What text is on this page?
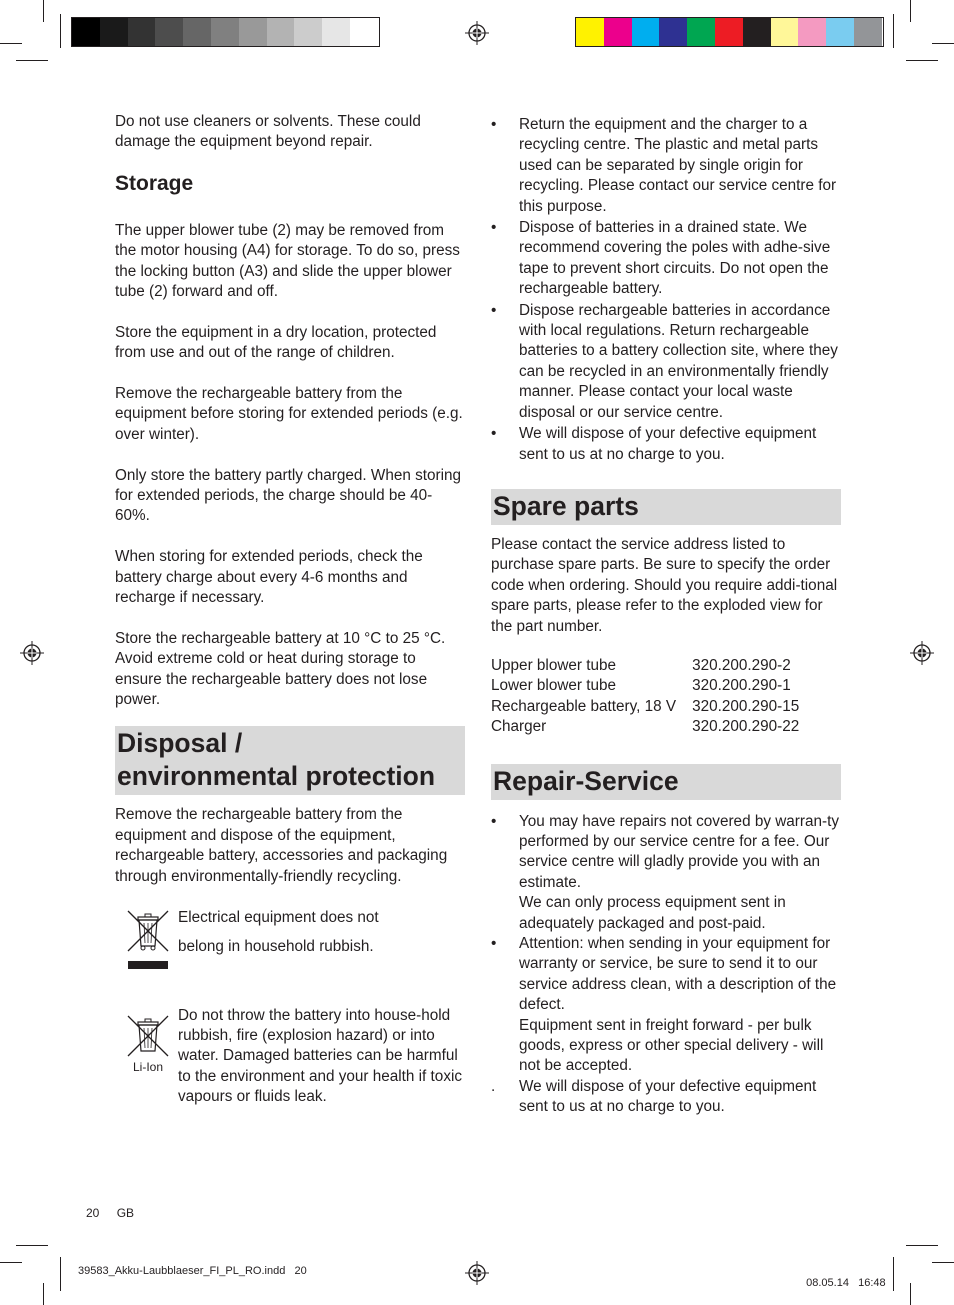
Do not use cleaners or solvents. These could damage the equipment beyond repair.

Storage

The upper blower tube (2) may be removed from the motor housing (A4) for storage. To do so, press the locking button (A3) and slide the upper blower tube (2) forward and off.

Store the equipment in a dry location, protected from use and out of the range of children.

Remove the rechargeable battery from the equipment before storing for extended periods (e.g. over winter).

Only store the battery partly charged. When storing for extended periods, the charge should be 40-60%.

When storing for extended periods, check the battery charge about every 4-6 months and recharge if necessary.

Store the rechargeable battery at 10 °C to 25 °C. Avoid extreme cold or heat during storage to ensure the rechargeable battery does not lose power.

Disposal /
environmental protection

Remove the rechargeable battery from the equipment and dispose of the equipment, rechargeable battery, accessories and packaging through environmentally-friendly recycling.

Electrical equipment does not
belong in household rubbish.
Li-Ion

Do not throw the battery into house-hold rubbish, fire (explosion hazard) or into water. Damaged batteries can be harmful to the environment and your health if toxic vapours or fluids leak.

•	Return the equipment and the charger to a recycling centre. The plastic and metal parts used can be separated by single origin for recycling. Please contact our service centre for this purpose.
•	Dispose of batteries in a drained state. We recommend covering the poles with adhe-sive tape to prevent short circuits. Do not open the rechargeable battery.
•	Dispose rechargeable batteries in accordance with local regulations. Return rechargeable batteries to a battery collection site, where they can be recycled in an environmentally friendly manner. Please contact your local waste disposal or our service centre.
•	We will dispose of your defective equipment sent to us at no charge to you.
Spare parts

Please contact the service address listed to purchase spare parts. Be sure to specify the order code when ordering. Should you require addi-tional spare parts, please refer to the exploded view for the part number.

Upper blower tube	320.200.290-2
Lower blower tube	320.200.290-1
Rechargeable battery, 18 V	320.200.290-15
Charger	320.200.290-22
Repair-Service
•	You may have repairs not covered by warran-ty performed by our service centre for a fee. Our service centre will gladly provide you with an estimate.
We can only process equipment sent in adequately packaged and post-paid.
•	Attention: when sending in your equipment for warranty or service, be sure to send it to our service address clean, with a description of the defect.
Equipment sent in freight forward - per bulk goods, express or other special delivery - will not be accepted.
.	We will dispose of your defective equipment sent to us at no charge to you.
20 GB
39583_Akku-Laubblaeser_FI_PL_RO.indd   20

08.05.14 16:48
